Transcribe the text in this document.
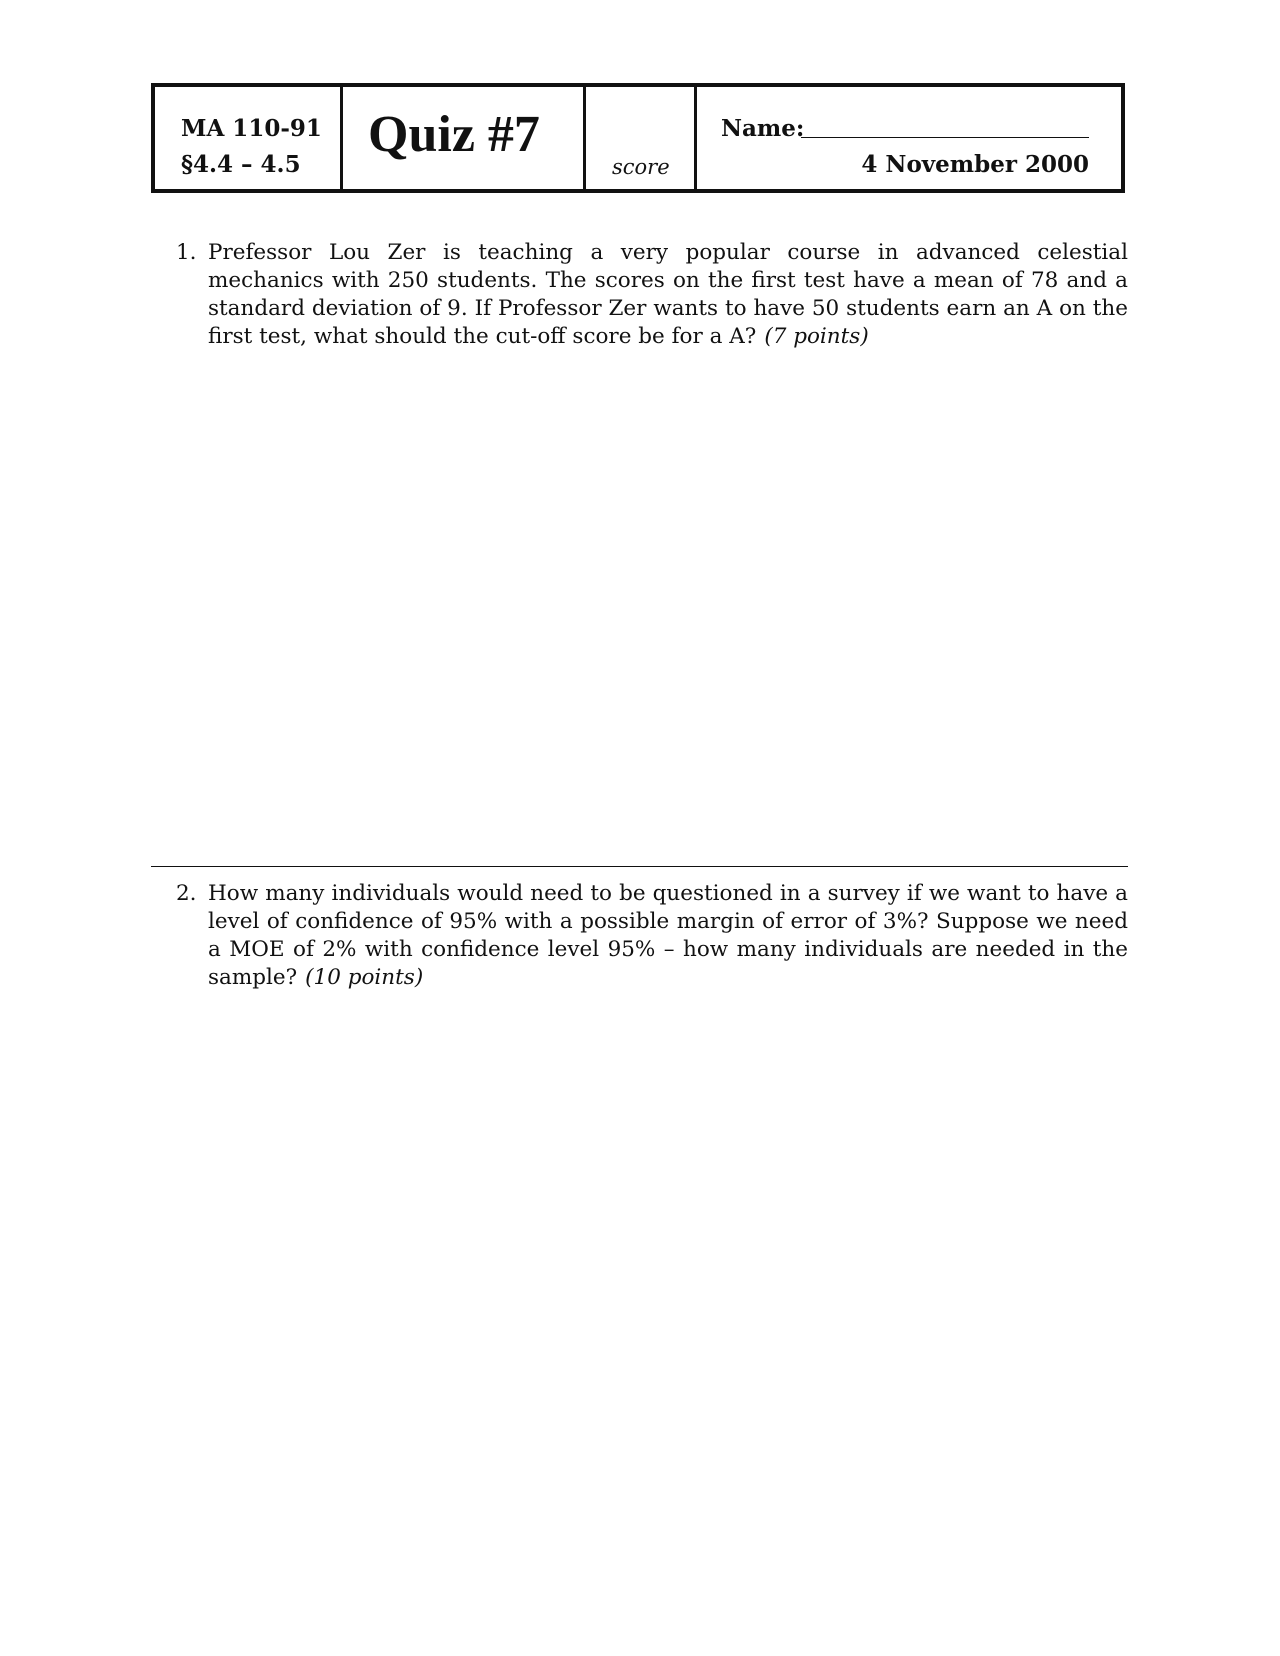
MA 110-91
§4.4 – 4.5
Quiz #7
score
Name:
4 November 2000
1. Prefessor Lou Zer is teaching a very popular course in advanced celestial mechanics with 250 students. The scores on the first test have a mean of 78 and a standard deviation of 9. If Professor Zer wants to have 50 students earn an A on the first test, what should the cut-off score be for a A? (7 points)
2. How many individuals would need to be questioned in a survey if we want to have a level of confidence of 95% with a possible margin of error of 3%? Suppose we need a MOE of 2% with confidence level 95% – how many individuals are needed in the sample? (10 points)
